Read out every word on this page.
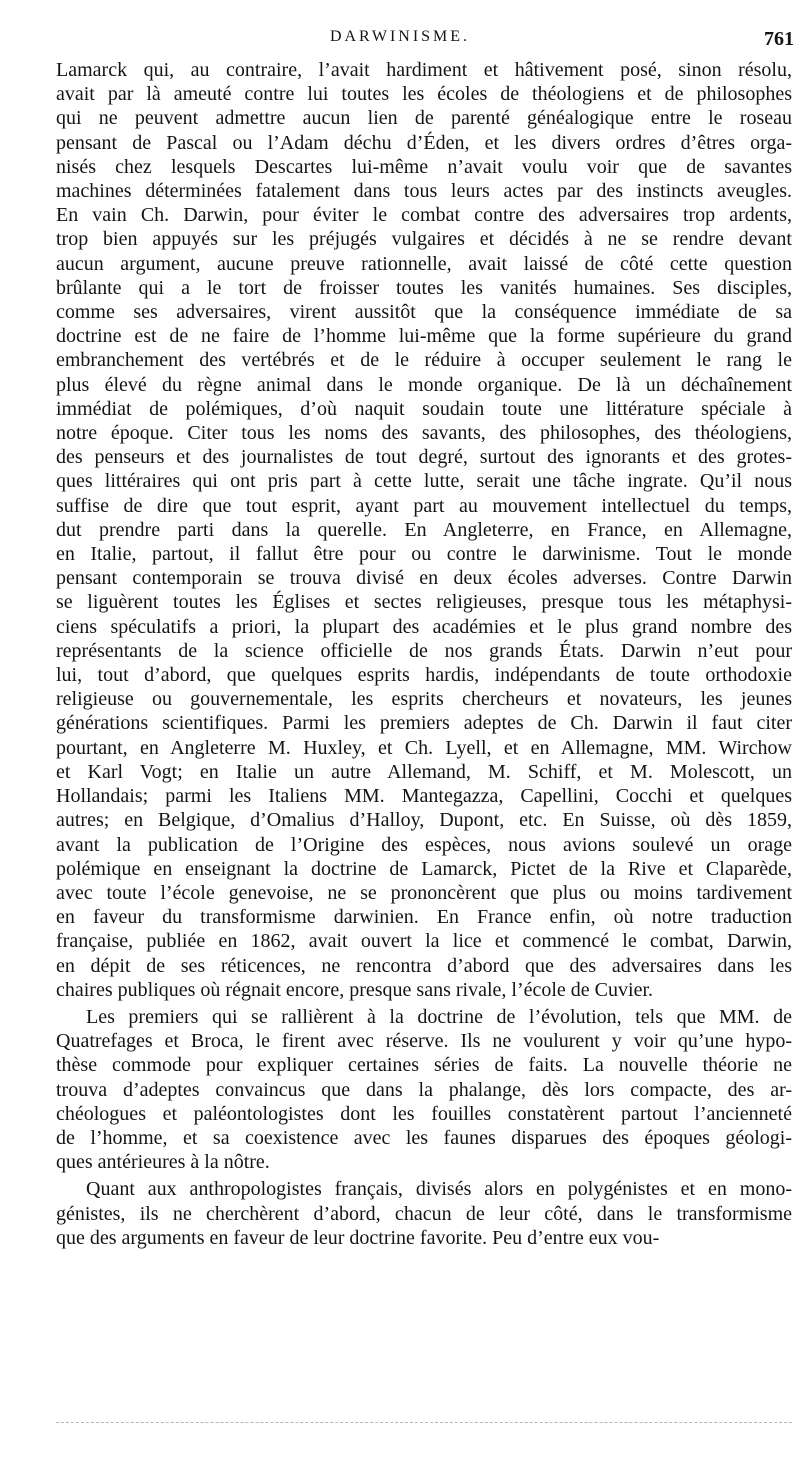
DARWINISME.	761

Lamarck qui, au contraire, l’avait hardiment et hâtivement posé, sinon résolu,
avait par là ameuté contre lui toutes les écoles de théologiens et de philosophes
qui ne peuvent admettre aucun lien de parenté généalogique entre le roseau
pensant de Pascal ou l’Adam déchu d’Éden, et les divers ordres d’êtres orga-
nisés chez lesquels Descartes lui-même n’avait voulu voir que de savantes
machines déterminées fatalement dans tous leurs actes par des instincts aveugles.
En vain Ch. Darwin, pour éviter le combat contre des adversaires trop ardents,
trop bien appuyés sur les préjugés vulgaires et décidés à ne se rendre devant
aucun argument, aucune preuve rationnelle, avait laissé de côté cette question
brûlante qui a le tort de froisser toutes les vanités humaines. Ses disciples,
comme ses adversaires, virent aussitôt que la conséquence immédiate de sa
doctrine est de ne faire de l’homme lui-même que la forme supérieure du grand
embranchement des vertébrés et de le réduire à occuper seulement le rang le
plus élevé du règne animal dans le monde organique. De là un déchaînement
immédiat de polémiques, d’où naquit soudain toute une littérature spéciale à
notre époque. Citer tous les noms des savants, des philosophes, des théologiens,
des penseurs et des journalistes de tout degré, surtout des ignorants et des grotes-
ques littéraires qui ont pris part à cette lutte, serait une tâche ingrate. Qu’il nous
suffise de dire que tout esprit, ayant part au mouvement intellectuel du temps,
dut prendre parti dans la querelle. En Angleterre, en France, en Allemagne,
en Italie, partout, il fallut être pour ou contre le darwinisme. Tout le monde
pensant contemporain se trouva divisé en deux écoles adverses. Contre Darwin
se liguèrent toutes les Églises et sectes religieuses, presque tous les métaphysi-
ciens spéculatifs a priori, la plupart des académies et le plus grand nombre des
représentants de la science officielle de nos grands États. Darwin n’eut pour
lui, tout d’abord, que quelques esprits hardis, indépendants de toute orthodoxie
religieuse ou gouvernementale, les esprits chercheurs et novateurs, les jeunes
générations scientifiques. Parmi les premiers adeptes de Ch. Darwin il faut citer
pourtant, en Angleterre M. Huxley, et Ch. Lyell, et en Allemagne, MM. Wirchow
et Karl Vogt; en Italie un autre Allemand, M. Schiff, et M. Molescott, un
Hollandais; parmi les Italiens MM. Mantegazza, Capellini, Cocchi et quelques
autres; en Belgique, d’Omalius d’Halloy, Dupont, etc. En Suisse, où dès 1859,
avant la publication de l’Origine des espèces, nous avions soulevé un orage
polémique en enseignant la doctrine de Lamarck, Pictet de la Rive et Claparède,
avec toute l’école genevoise, ne se prononcèrent que plus ou moins tardivement
en faveur du transformisme darwinien. En France enfin, où notre traduction
française, publiée en 1862, avait ouvert la lice et commencé le combat, Darwin,
en dépit de ses réticences, ne rencontra d’abord que des adversaires dans les
chaires publiques où régnait encore, presque sans rivale, l’école de Cuvier.

Les premiers qui se rallièrent à la doctrine de l’évolution, tels que MM. de
Quatrefages et Broca, le firent avec réserve. Ils ne voulurent y voir qu’une hypo-
thèse commode pour expliquer certaines séries de faits. La nouvelle théorie ne
trouva d’adeptes convaincus que dans la phalange, dès lors compacte, des ar-
chéologues et paléontologistes dont les fouilles constatèrent partout l’ancienneté
de l’homme, et sa coexistence avec les faunes disparues des époques géologi-
ques antérieures à la nôtre.

Quant aux anthropologistes français, divisés alors en polygénistes et en mono-
génistes, ils ne cherchèrent d’abord, chacun de leur côté, dans le transformisme
que des arguments en faveur de leur doctrine favorite. Peu d’entre eux vou-
